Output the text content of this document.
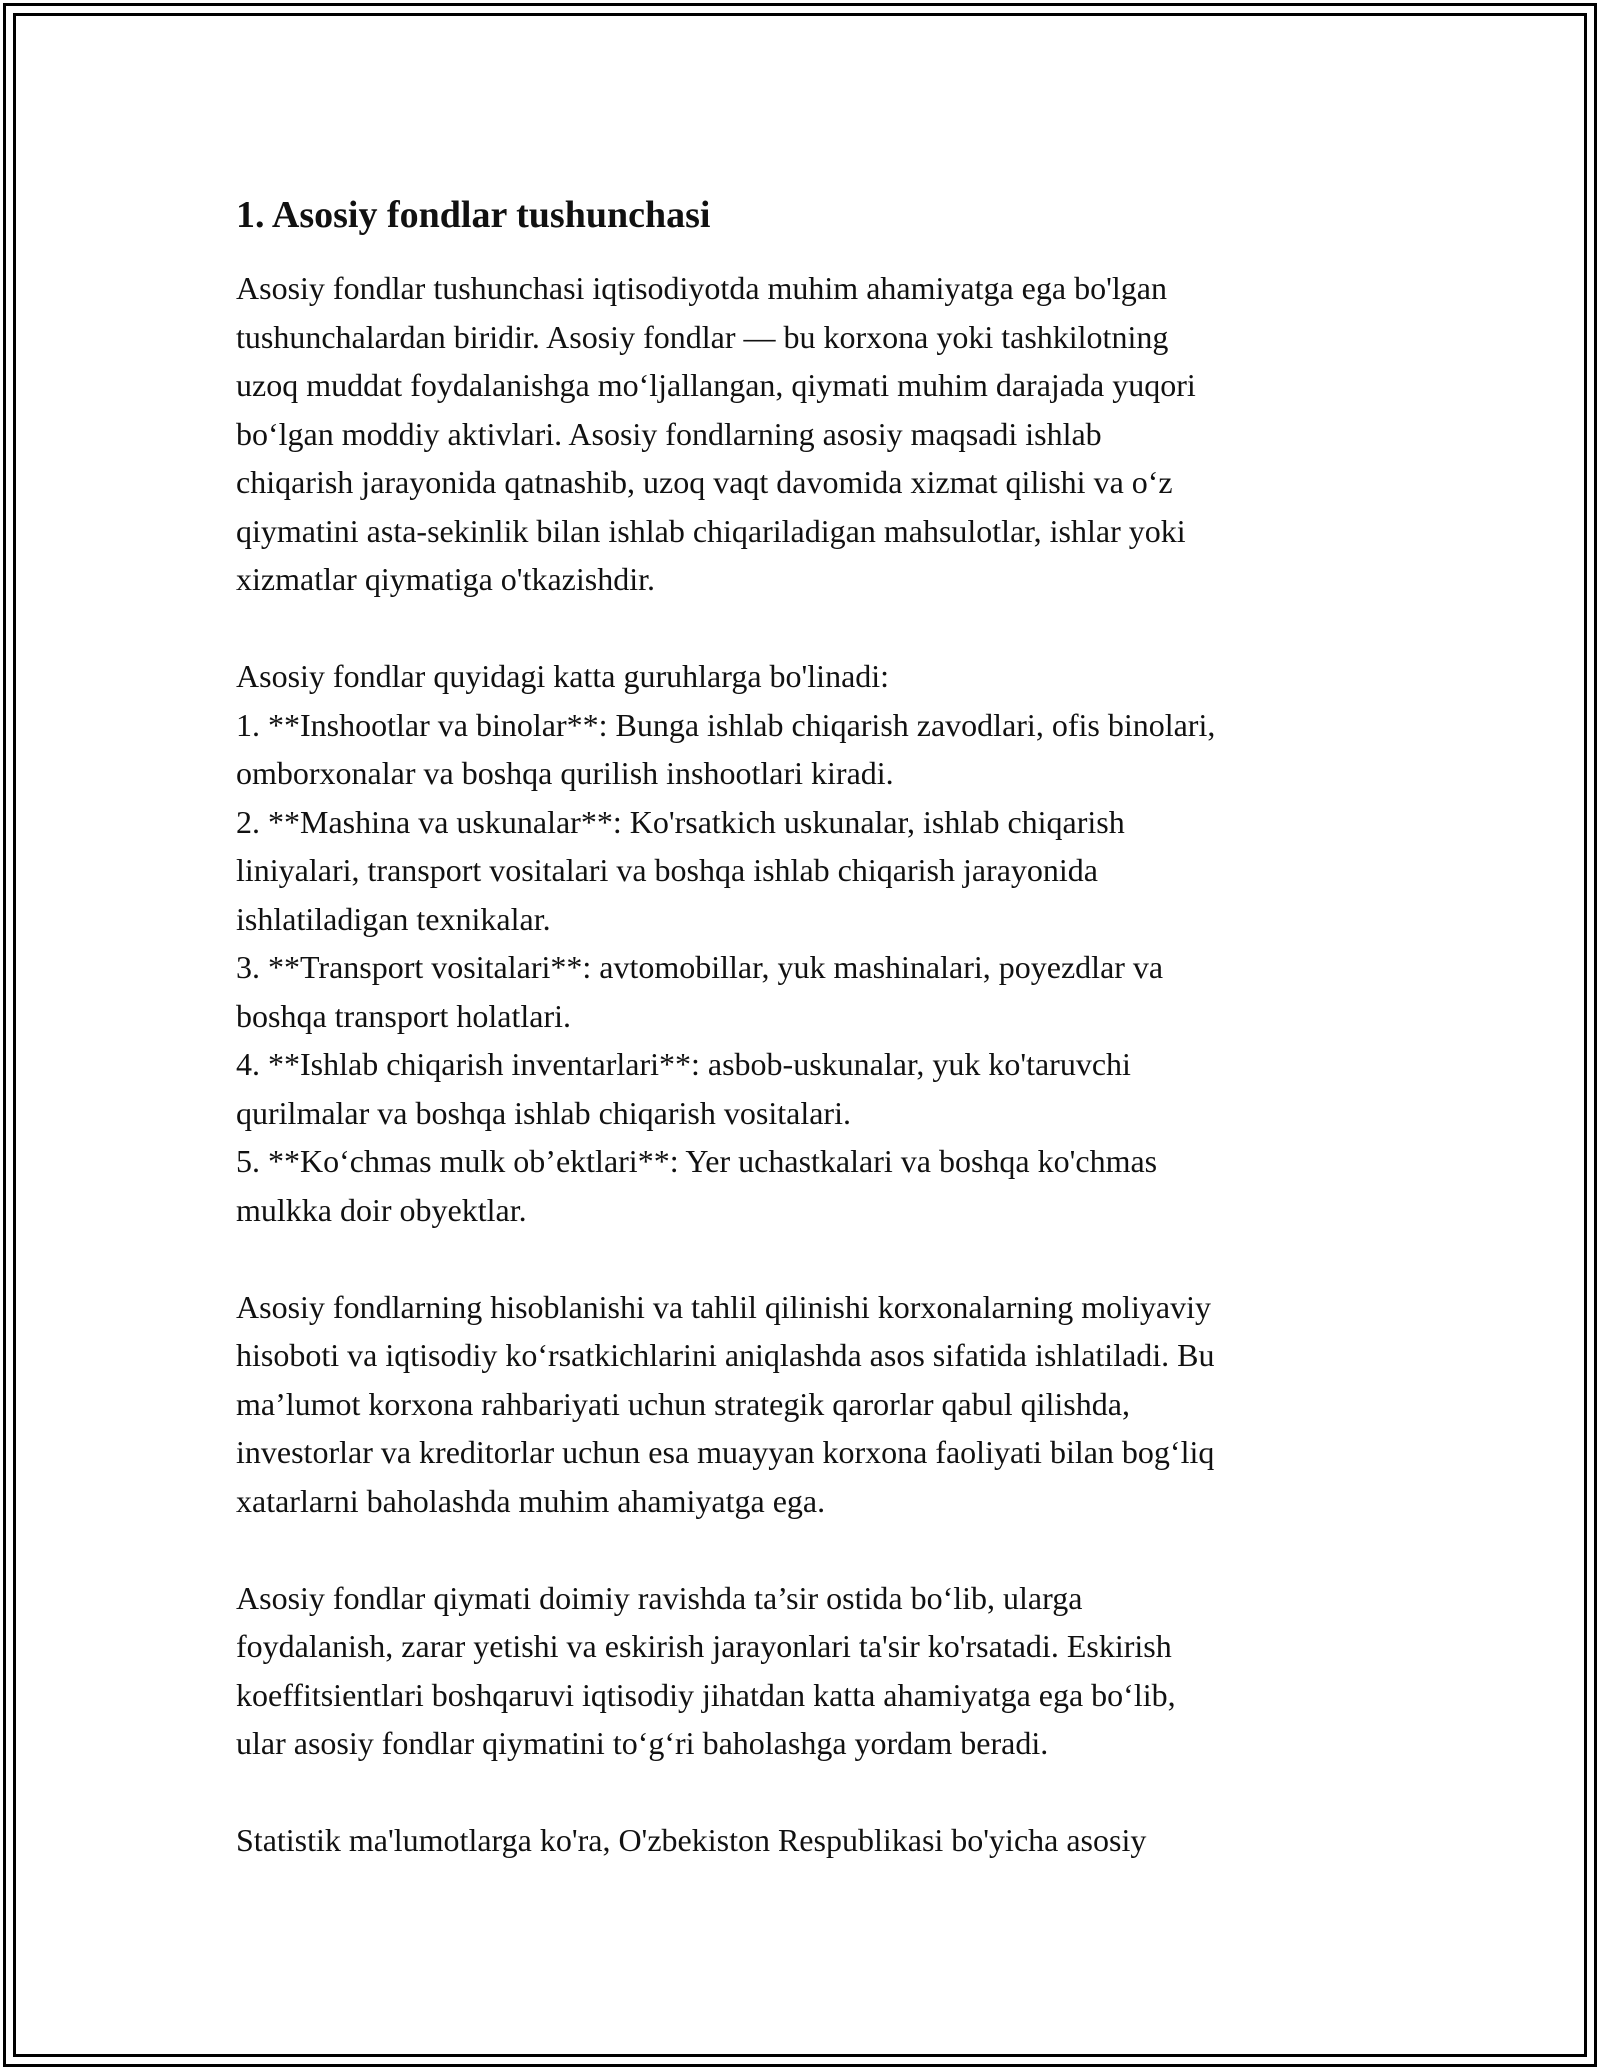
1. Asosiy fondlar tushunchasi

Asosiy fondlar tushunchasi iqtisodiyotda muhim ahamiyatga ega bo'lgan
tushunchalardan biridir. Asosiy fondlar — bu korxona yoki tashkilotning
uzoq muddat foydalanishga mo‘ljallangan, qiymati muhim darajada yuqori
bo‘lgan moddiy aktivlari. Asosiy fondlarning asosiy maqsadi ishlab
chiqarish jarayonida qatnashib, uzoq vaqt davomida xizmat qilishi va o‘z
qiymatini asta-sekinlik bilan ishlab chiqariladigan mahsulotlar, ishlar yoki
xizmatlar qiymatiga o'tkazishdir.

Asosiy fondlar quyidagi katta guruhlarga bo'linadi:

1. **Inshootlar va binolar**: Bunga ishlab chiqarish zavodlari, ofis binolari,
omborxonalar va boshqa qurilish inshootlari kiradi.

2. **Mashina va uskunalar**: Ko'rsatkich uskunalar, ishlab chiqarish
liniyalari, transport vositalari va boshqa ishlab chiqarish jarayonida
ishlatiladigan texnikalar.

3. **Transport vositalari**: avtomobillar, yuk mashinalari, poyezdlar va
boshqa transport holatlari.

4. **Ishlab chiqarish inventarlari**: asbob-uskunalar, yuk ko'taruvchi
qurilmalar va boshqa ishlab chiqarish vositalari.

5. **Ko‘chmas mulk ob’ektlari**: Yer uchastkalari va boshqa ko'chmas
mulkka doir obyektlar.

Asosiy fondlarning hisoblanishi va tahlil qilinishi korxonalarning moliyaviy
hisoboti va iqtisodiy ko‘rsatkichlarini aniqlashda asos sifatida ishlatiladi. Bu
ma’lumot korxona rahbariyati uchun strategik qarorlar qabul qilishda,
investorlar va kreditorlar uchun esa muayyan korxona faoliyati bilan bog‘liq
xatarlarni baholashda muhim ahamiyatga ega.

Asosiy fondlar qiymati doimiy ravishda ta’sir ostida bo‘lib, ularga
foydalanish, zarar yetishi va eskirish jarayonlari ta'sir ko'rsatadi. Eskirish
koeffitsientlari boshqaruvi iqtisodiy jihatdan katta ahamiyatga ega bo‘lib,
ular asosiy fondlar qiymatini to‘g‘ri baholashga yordam beradi.

Statistik ma'lumotlarga ko'ra, O'zbekiston Respublikasi bo'yicha asosiy
